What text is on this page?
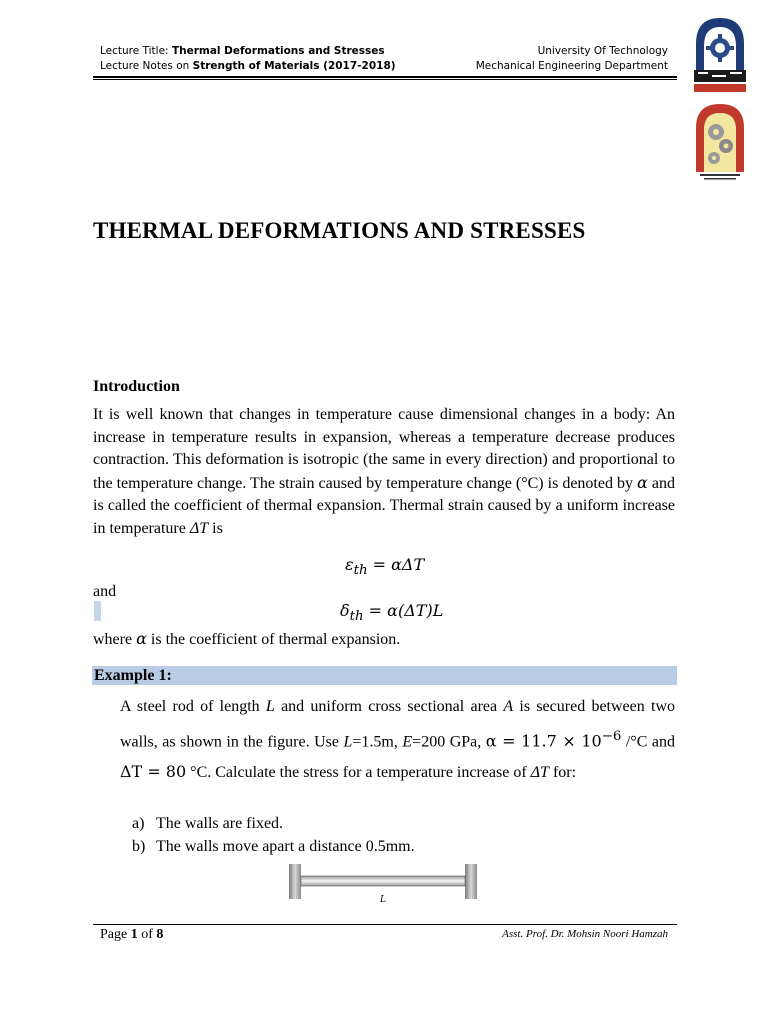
Lecture Title: Thermal Deformations and Stresses
Lecture Notes on Strength of Materials (2017-2018)
University Of Technology
Mechanical Engineering Department
THERMAL DEFORMATIONS AND STRESSES
Introduction
It is well known that changes in temperature cause dimensional changes in a body: An increase in temperature results in expansion, whereas a temperature decrease produces contraction. This deformation is isotropic (the same in every direction) and proportional to the temperature change. The strain caused by temperature change (°C) is denoted by α and is called the coefficient of thermal expansion. Thermal strain caused by a uniform increase in temperature ΔT is
$\varepsilon_{th} = \alpha\Delta T$
and
$\delta_{th} = \alpha(\Delta T)L$
where α is the coefficient of thermal expansion.
Example 1:
A steel rod of length L and uniform cross sectional area A is secured between two walls, as shown in the figure. Use L=1.5m, E=200 GPa, $\alpha = 11.7 \times 10^{-6}$ /°C and ΔT = 80 °C. Calculate the stress for a temperature increase of ΔT for:
a) The walls are fixed.
b) The walls move apart a distance 0.5mm.
L
Page 1 of 8	Asst. Prof. Dr. Mohsin Noori Hamzah
